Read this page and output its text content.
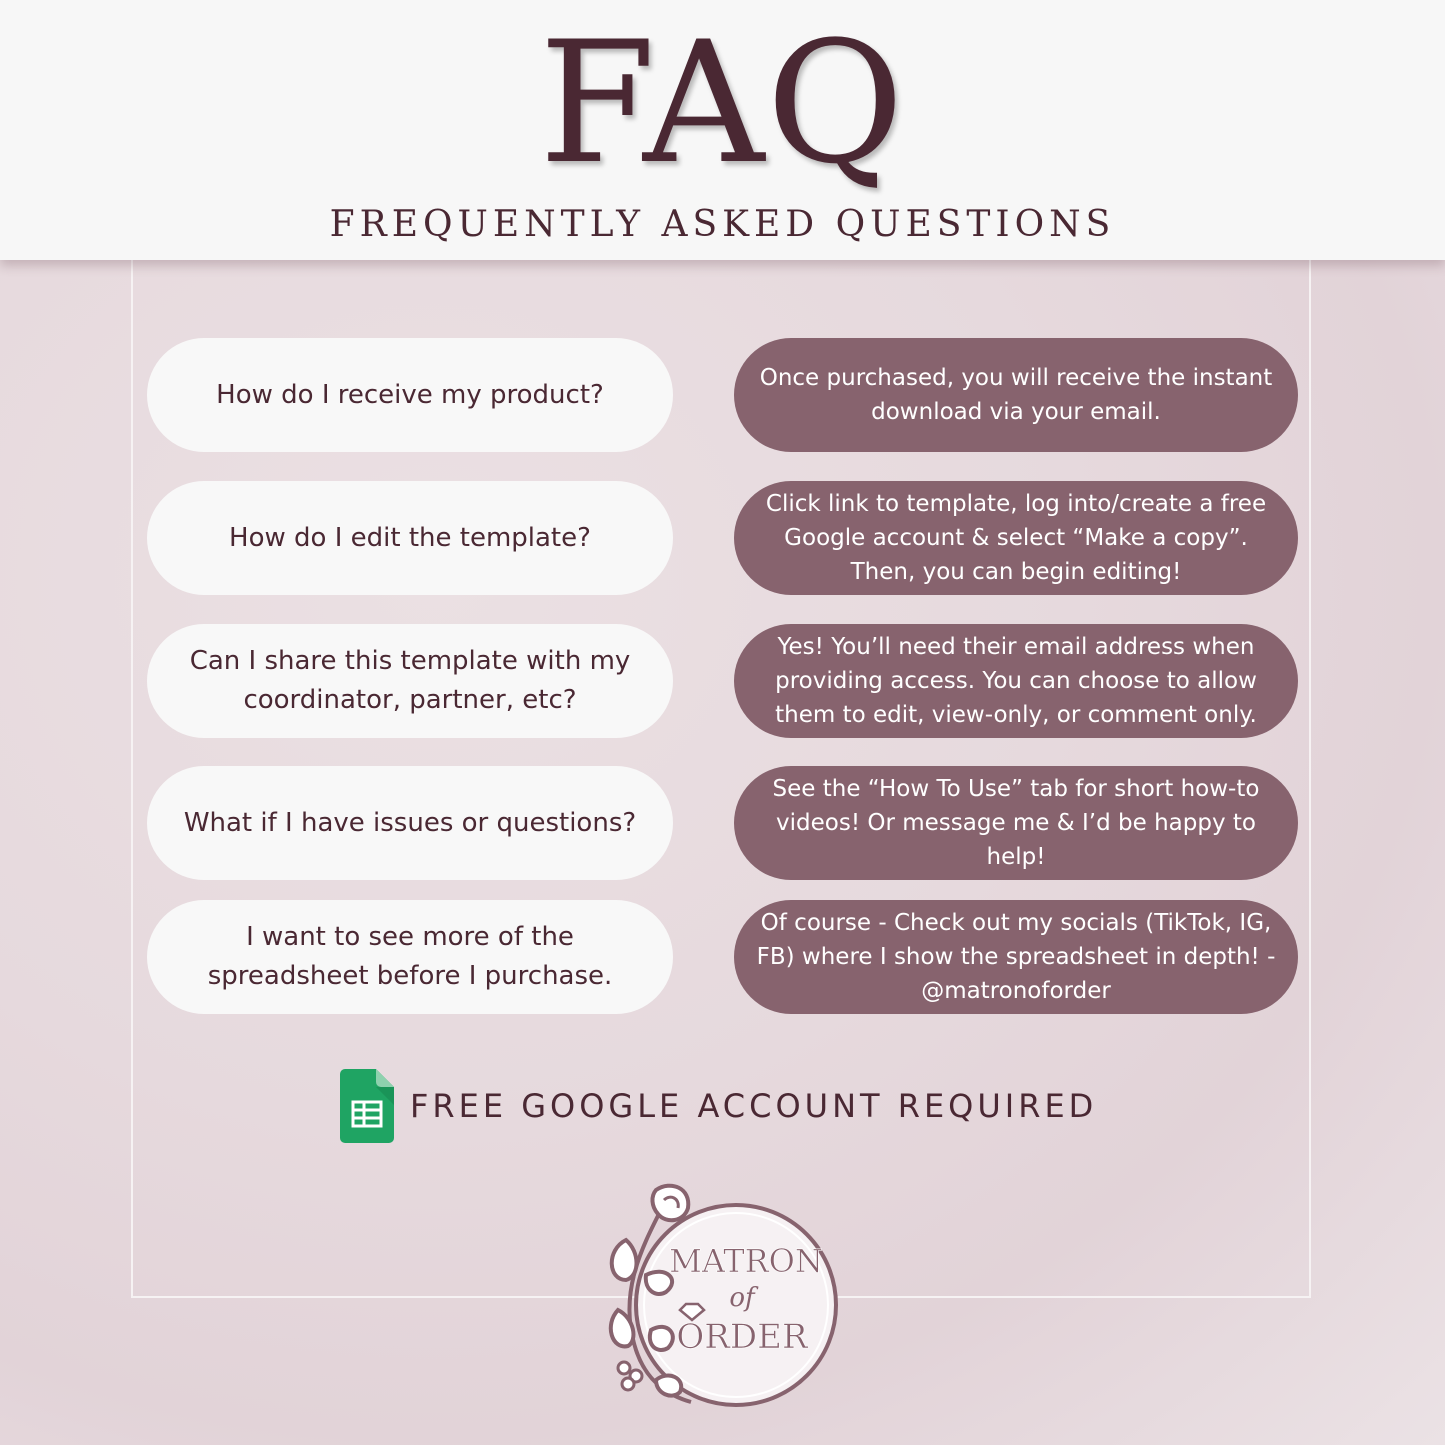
FAQ
FREQUENTLY ASKED QUESTIONS
How do I receive my product?
Once purchased, you will receive the instant download via your email.
How do I edit the template?
Click link to template, log into/create a free Google account & select “Make a copy”. Then, you can begin editing!
Can I share this template with my coordinator, partner, etc?
Yes! You’ll need their email address when providing access. You can choose to allow them to edit, view-only, or comment only.
What if I have issues or questions?
See the “How To Use” tab for short how-to videos! Or message me & I’d be happy to help!
I want to see more of the spreadsheet before I purchase.
Of course - Check out my socials (TikTok, IG, FB) where I show the spreadsheet in depth! - @matronoforder
FREE GOOGLE ACCOUNT REQUIRED
MATRON
of
ORDER
